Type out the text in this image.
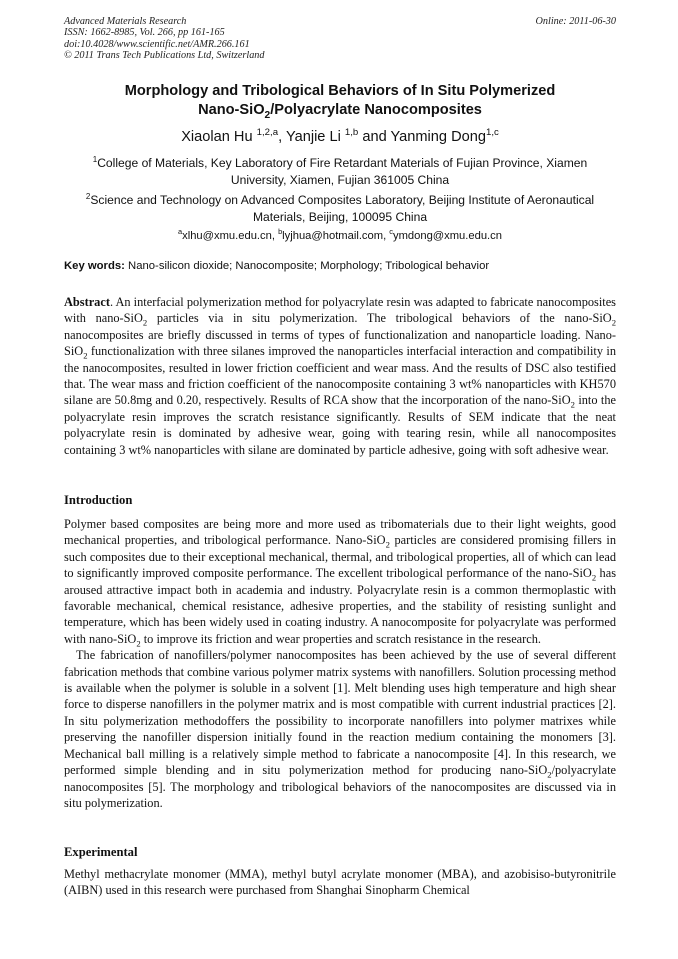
Advanced Materials Research
ISSN: 1662-8985, Vol. 266, pp 161-165
doi:10.4028/www.scientific.net/AMR.266.161
© 2011 Trans Tech Publications Ltd, Switzerland
Online: 2011-06-30
Morphology and Tribological Behaviors of In Situ Polymerized
Nano-SiO$_2$/Polyacrylate Nanocomposites
Xiaolan Hu $^{1,2,a}$, Yanjie Li $^{1,b}$ and Yanming Dong$^{1,c}$
$^1$College of Materials, Key Laboratory of Fire Retardant Materials of Fujian Province, Xiamen University, Xiamen, Fujian 361005 China
$^2$Science and Technology on Advanced Composites Laboratory, Beijing Institute of Aeronautical Materials, Beijing, 100095 China
$^a$xlhu@xmu.edu.cn, $^b$lyjhua@hotmail.com, $^c$ymdong@xmu.edu.cn
Key words: Nano-silicon dioxide; Nanocomposite; Morphology; Tribological behavior
Abstract. An interfacial polymerization method for polyacrylate resin was adapted to fabricate nanocomposites with nano-SiO$_2$ particles via in situ polymerization. The tribological behaviors of the nano-SiO$_2$ nanocomposites are briefly discussed in terms of types of functionalization and nanoparticle loading. Nano-SiO$_2$ functionalization with three silanes improved the nanoparticles interfacial interaction and compatibility in the nanocomposites, resulted in lower friction coefficient and wear mass. And the results of DSC also testified that. The wear mass and friction coefficient of the nanocomposite containing 3 wt% nanoparticles with KH570 silane are 50.8mg and 0.20, respectively. Results of RCA show that the incorporation of the nano-SiO$_2$ into the polyacrylate resin improves the scratch resistance significantly. Results of SEM indicate that the neat polyacrylate resin is dominated by adhesive wear, going with tearing resin, while all nanocomposites containing 3 wt% nanoparticles with silane are dominated by particle adhesive, going with soft adhesive wear.
Introduction

Polymer based composites are being more and more used as tribomaterials due to their light weights, good mechanical properties, and tribological performance. Nano-SiO$_2$ particles are considered promising fillers in such composites due to their exceptional mechanical, thermal, and tribological properties, all of which can lead to significantly improved composite performance. The excellent tribological performance of the nano-SiO$_2$ has aroused attractive impact both in academia and industry. Polyacrylate resin is a common thermoplastic with favorable mechanical, chemical resistance, adhesive properties, and the stability of resisting sunlight and temperature, which has been widely used in coating industry. A nanocomposite for polyacrylate was performed with nano-SiO$_2$ to improve its friction and wear properties and scratch resistance in the research.

The fabrication of nanofillers/polymer nanocomposites has been achieved by the use of several different fabrication methods that combine various polymer matrix systems with nanofillers. Solution processing method is available when the polymer is soluble in a solvent [1]. Melt blending uses high temperature and high shear force to disperse nanofillers in the polymer matrix and is most compatible with current industrial practices [2]. In situ polymerization methodoffers the possibility to incorporate nanofillers into polymer matrixes while preserving the nanofiller dispersion initially found in the reaction medium containing the monomers [3]. Mechanical ball milling is a relatively simple method to fabricate a nanocomposite [4]. In this research, we performed simple blending and in situ polymerization method for producing nano-SiO$_2$/polyacrylate nanocomposites [5]. The morphology and tribological behaviors of the nanocomposites are discussed via in situ polymerization.

Experimental
Methyl methacrylate monomer (MMA), methyl butyl acrylate monomer (MBA), and azobisiso-butyronitrile (AIBN) used in this research were purchased from Shanghai Sinopharm Chemical
